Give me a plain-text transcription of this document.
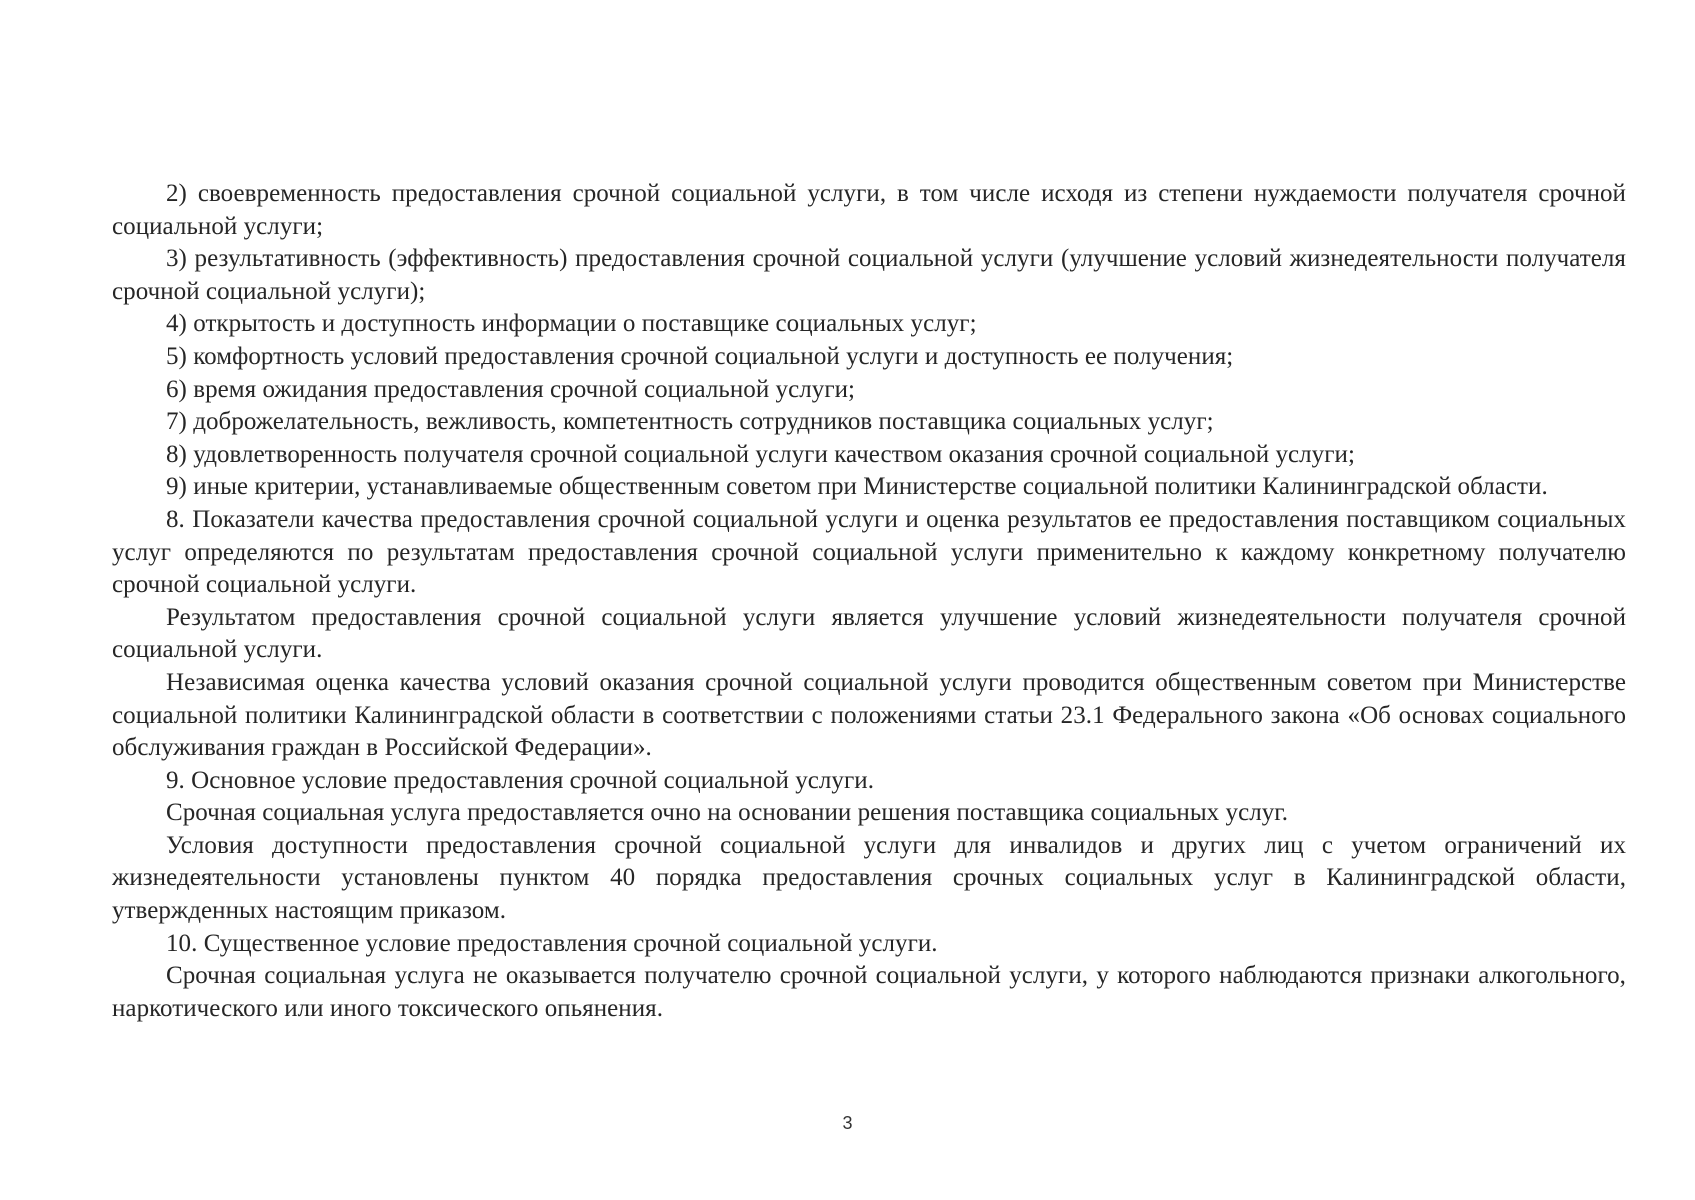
2) своевременность предоставления срочной социальной услуги, в том числе исходя из степени нуждаемости получателя срочной социальной услуги;

3) результативность (эффективность) предоставления срочной социальной услуги (улучшение условий жизнедеятельности получателя срочной социальной услуги);

4) открытость и доступность информации о поставщике социальных услуг;

5) комфортность условий предоставления срочной социальной услуги и доступность ее получения;

6) время ожидания предоставления срочной социальной услуги;

7) доброжелательность, вежливость, компетентность сотрудников поставщика социальных услуг;

8) удовлетворенность получателя срочной социальной услуги качеством оказания срочной социальной услуги;

9) иные критерии, устанавливаемые общественным советом при Министерстве социальной политики Калининградской области.

8. Показатели качества предоставления срочной социальной услуги и оценка результатов ее предоставления поставщиком социальных услуг определяются по результатам предоставления срочной социальной услуги применительно к каждому конкретному получателю срочной социальной услуги.

Результатом предоставления срочной социальной услуги является улучшение условий жизнедеятельности получателя срочной социальной услуги.

Независимая оценка качества условий оказания срочной социальной услуги проводится общественным советом при Министерстве социальной политики Калининградской области в соответствии с положениями статьи 23.1 Федерального закона «Об основах социального обслуживания граждан в Российской Федерации».

9. Основное условие предоставления срочной социальной услуги.

Срочная социальная услуга предоставляется очно на основании решения поставщика социальных услуг.

Условия доступности предоставления срочной социальной услуги для инвалидов и других лиц с учетом ограничений их жизнедеятельности установлены пунктом 40 порядка предоставления срочных социальных услуг в Калининградской области, утвержденных настоящим приказом.

10. Существенное условие предоставления срочной социальной услуги.

Срочная социальная услуга не оказывается получателю срочной социальной услуги, у которого наблюдаются признаки алкогольного, наркотического или иного токсического опьянения.

3
